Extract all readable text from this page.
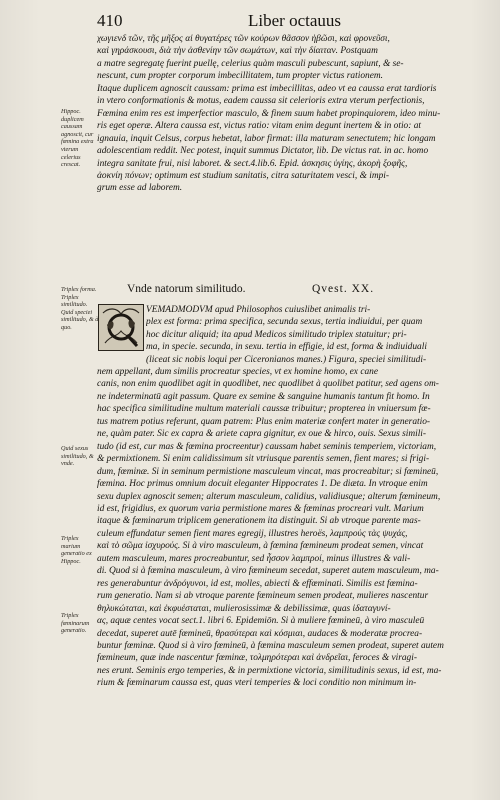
410	Liber octauus
χωγιενδ τῶν, τῆς μῆξος αἱ θυγατέρες τῶν κούρων θᾶσσον ἡβῶσι, καὶ φρονεῦσι,
καὶ γηράσκουσι, διὰ τὴν ἀσθενίην τῶν σωμάτων, καὶ τὴν δίαιταν. Postquam
a matre segregatę fuerint puellę, celerius quàm masculi pubescunt, sapiunt, & se-
nescunt, cum propter corporum imbecillitatem, tum propter victus rationem.
Itaque duplicem agnoscit caussam: prima est imbecillitas, adeo vt ea caussa erat tardioris
in vtero conformationis & motus, eadem caussa sit celerioris extra vterum perfectionis,
Fœmina enim res est imperfectior masculo, & finem suum habet propinquiorem, ideo minu-
ris eget operæ. Altera caussa est, victus ratio: vitam enim degunt inertem & in otio: at
ignauia, inquit Celsus, corpus hebetat, labor firmat: illa maturam senectutem; hic longam
adolescentiam reddit. Nec potest, inquit summus Dictator, lib. De victus rat. in ac. homo
integra sanitate frui, nisi laboret. & sect.4.lib.6. Epid. ἀσκησις ὑγίης, ἀκορὴ ξοφῆς,
ἀοκνίη πόνων; optimum est studium sanitatis, citra saturitatem vesci, & impi-
grum esse ad laborem.
Hippoc. duplicem caussam agnoscit, cur fœmina extra vterum celerius crescat.
Vnde natorum similitudo.	Qvest. XX.
VEMADMODVM apud Philosophos cuiuslibet animalis tri-
plex est forma: prima specifica, secunda sexus, tertia indiuidui, per quam
hoc dicitur aliquid; ita apud Medicos similitudo triplex statuitur; pri-
ma, in specie. secunda, in sexu. tertia in effigie, id est, forma & indiuiduali
(liceat sic nobis loqui per Ciceronianos manes.) Figura, speciei similitudi-
nem appellant, dum similis procreatur species, vt ex homine homo, ex cane
canis, non enim quodlibet agit in quodlibet, nec quodlibet à quolibet patitur, sed agens om-
ne indeterminatū agit passum. Quare ex semine & sanguine humanis tantum fit homo. In
hac specifica similitudine multum materiali caussæ tribuitur; propterea in vniuersum fœ-
tus matrem potius referunt, quam patrem: Plus enim materiæ confert mater in generatio-
ne, quàm pater. Sic ex capra & ariete capra gignitur, ex oue & hirco, ouis. Sexus simili-
tudo (id est, cur mas & fœmina procreentur) caussam habet seminis temperiem, victoriam,
& permixtionem. Si enim calidissimum sit vtriusque parentis semen, fient mares; si frigi-
dum, fœminæ. Si in seminum permistione masculeum vincat, mas procreabitur; si fœmineū,
fœmina. Hoc primus omnium docuit eleganter Hippocrates 1. De diæta. In vtroque enim
sexu duplex agnoscit semen; alterum masculeum, calidius, validiusque; alterum fœmineum,
id est, frigidius, ex quorum varia permistione mares & fœminas procreari vult. Marium
itaque & fœminarum triplicem generationem ita distinguit. Si ab vtroque parente mas-
culeum effundatur semen fient mares egregij, illustres heroës, λαμπρούς τὰς ψυχάς,
καὶ τὸ σῶμα ἰσχυρούς. Si à viro masculeum, à fœmina fœmineum prodeat semen, vincat
autem masculeum, mares procreabuntur, sed ἧσσον λαμπροί, minus illustres & vali-
di. Quod si à fœmina masculeum, à viro fœmineum secedat, superet autem masculeum, ma-
res generabuntur ἀνδρόγυνοι, id est, molles, abiecti & effœminati. Similis est fœmina-
rum generatio. Nam si ab vtroque parente fœmineum semen prodeat, mulieres nascentur
θηλυκώταται, καὶ ἐκφυέσταται, mulierosissimæ & debilissimæ, quas ἰδαταγυνί-
ας, aquæ centes vocat sect.1. libri 6. Epidemiōn. Si à muliere fœmineū, à viro masculeū
decedat, superet autē fœmineū, θρασύτεραι καὶ κόσμιαι, audaces & moderatæ procrea-
buntur fœminæ. Quod si à viro fœmineū, à fœmina masculeum semen prodeat, superet autem
fœmineum, quæ inde nascentur fœminæ, τολμηρότεραι καὶ ἀνδρεῖαι, feroces & viragi-
nes erunt. Seminis ergo temperies, & in permixtione victoria, similitudinis sexus, id est, ma-
rium & fœminarum caussa est, quas vteri temperies & loci conditio non minimum in-
Triplex forma. Triplex similitudo. Quid speciei similitudo, & à quo.
Quid sexus similitudo, & vnde.
Triplex marium generatio ex Hippoc.
Triplex fœminarum generatio.
